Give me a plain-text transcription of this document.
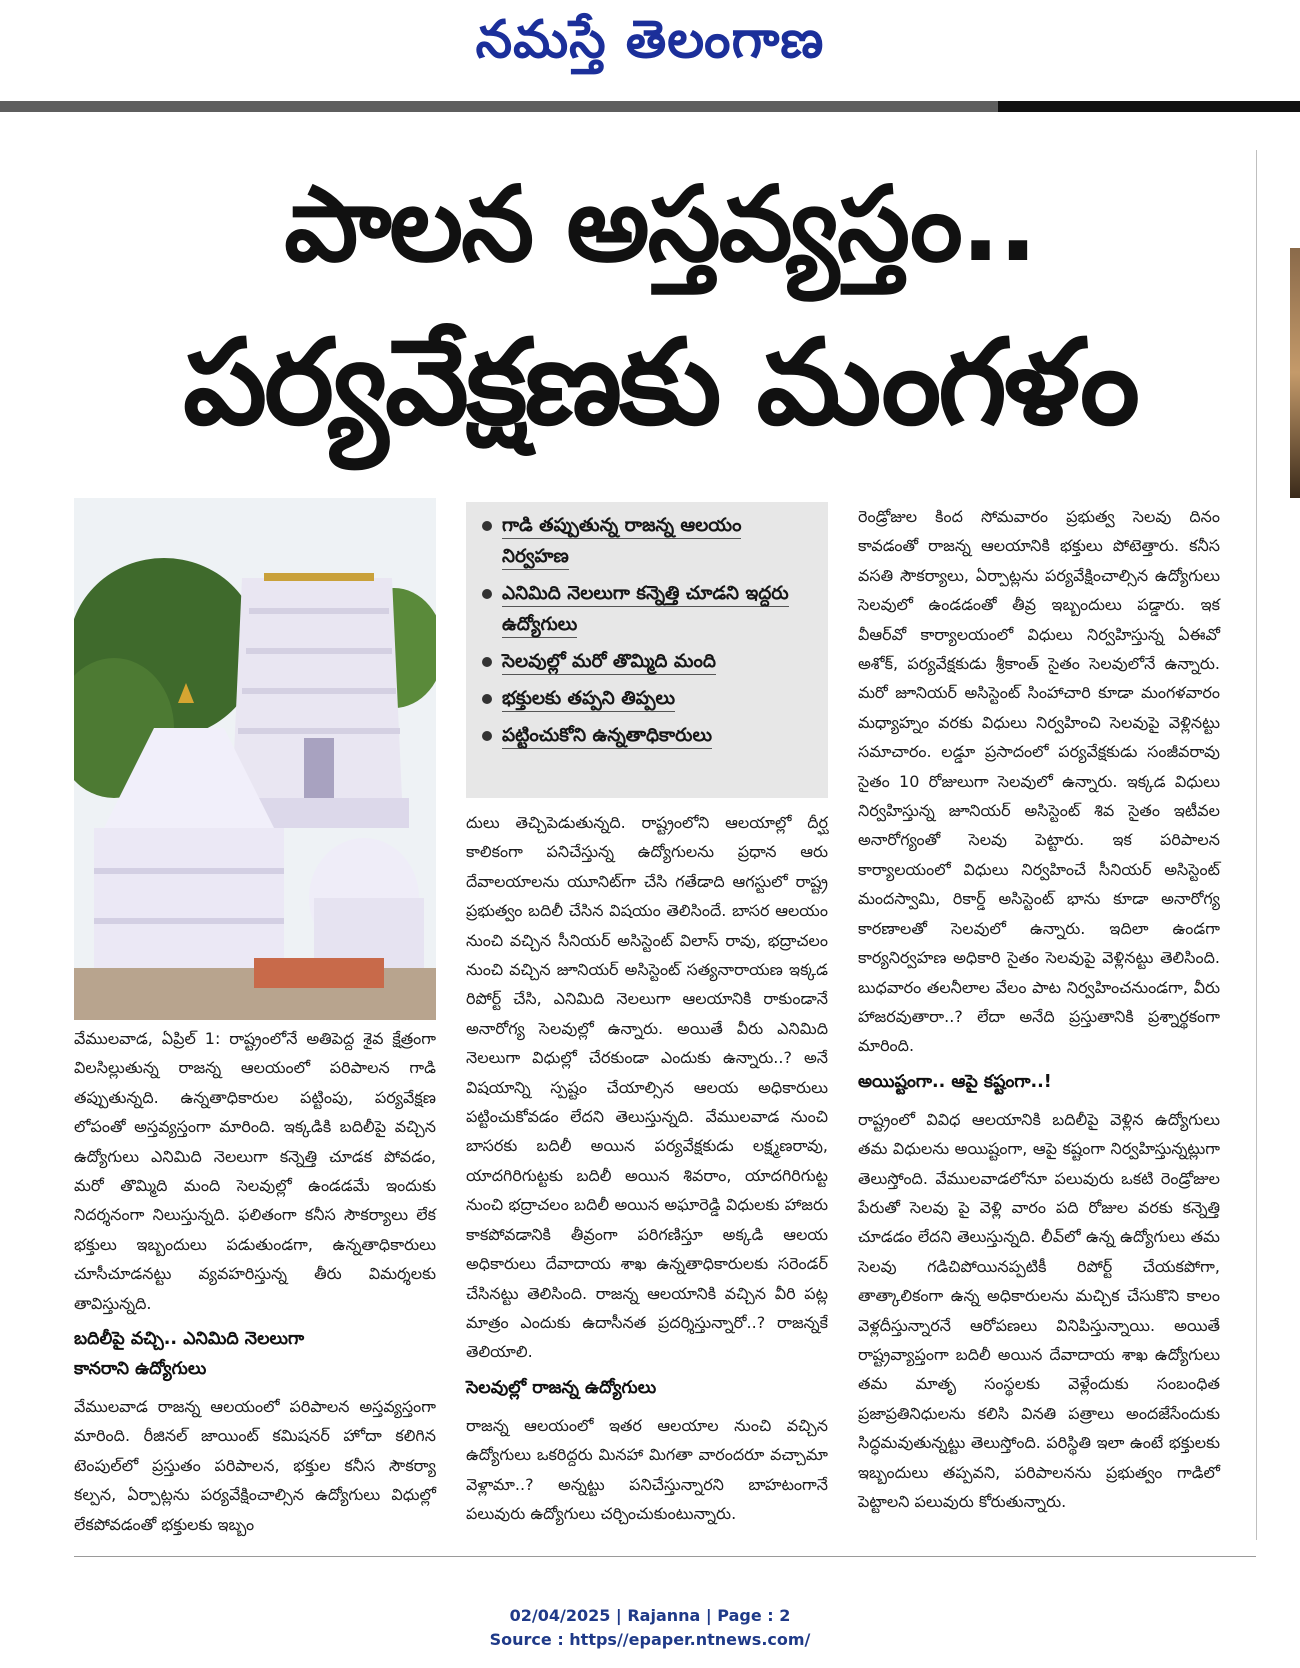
నమస్తే తెలంగాణ
పాలన అస్తవ్యస్తం..
పర్యవేక్షణకు మంగళం
గాడి తప్పుతున్న రాజన్న ఆలయం నిర్వహణ
ఎనిమిది నెలలుగా కన్నెత్తి చూడని ఇద్దరు ఉద్యోగులు
సెలవుల్లో మరో తొమ్మిది మంది
భక్తులకు తప్పని తిప్పలు
పట్టించుకోని ఉన్నతాధికారులు

వేములవాడ, ఏప్రిల్ 1: రాష్ట్రంలోనే అతిపెద్ద శైవ క్షేత్రంగా విలసిల్లుతున్న రాజన్న ఆలయంలో పరిపాలన గాడి తప్పుతున్నది. ఉన్నతాధికారుల పట్టింపు, పర్యవేక్షణ లోపంతో అస్తవ్యస్తంగా మారింది. ఇక్కడికి బదిలీపై వచ్చిన ఉద్యోగులు ఎనిమిది నెలలుగా కన్నెత్తి చూడక పోవడం, మరో తొమ్మిది మంది సెలవుల్లో ఉండడమే ఇందుకు నిదర్శనంగా నిలుస్తున్నది. ఫలితంగా కనీస సౌకర్యాలు లేక భక్తులు ఇబ్బందులు పడుతుండగా, ఉన్నతాధికారులు చూసీచూడనట్టు వ్యవహరిస్తున్న తీరు విమర్శలకు తావిస్తున్నది.

బదిలీపై వచ్చి.. ఎనిమిది నెలలుగా
కానరాని ఉద్యోగులు

వేములవాడ రాజన్న ఆలయంలో పరిపాలన అస్తవ్యస్తంగా మారింది. రీజినల్ జాయింట్ కమిషనర్ హోదా కలిగిన టెంపుల్‌లో ప్రస్తుతం పరిపాలన, భక్తుల కనీస సౌకర్యా కల్పన, ఏర్పాట్లను పర్యవేక్షించాల్సిన ఉద్యోగులు విధుల్లో లేకపోవడంతో భక్తులకు ఇబ్బం

దులు తెచ్చిపెడుతున్నది. రాష్ట్రంలోని ఆలయాల్లో దీర్ఘ కాలికంగా పనిచేస్తున్న ఉద్యోగులను ప్రధాన ఆరు దేవాలయాలను యూనిట్‌గా చేసి గతేడాది ఆగస్టులో రాష్ట్ర ప్రభుత్వం బదిలీ చేసిన విషయం తెలిసిందే. బాసర ఆలయం నుంచి వచ్చిన సీనియర్ అసిస్టెంట్ విలాస్ రావు, భద్రాచలం నుంచి వచ్చిన జూనియర్ అసిస్టెంట్ సత్యనారాయణ ఇక్కడ రిపోర్ట్ చేసి, ఎనిమిది నెలలుగా ఆలయానికి రాకుండానే అనారోగ్య సెలవుల్లో ఉన్నారు. అయితే వీరు ఎనిమిది నెలలుగా విధుల్లో చేరకుండా ఎందుకు ఉన్నారు..? అనే విషయాన్ని స్పష్టం చేయాల్సిన ఆలయ అధికారులు పట్టించుకోవడం లేదని తెలుస్తున్నది. వేములవాడ నుంచి బాసరకు బదిలీ అయిన పర్యవేక్షకుడు లక్ష్మణరావు, యాదగిరిగుట్టకు బదిలీ అయిన శివరాం, యాదగిరిగుట్ట నుంచి భద్రాచలం బదిలీ అయిన అఘారెడ్డి విధులకు హాజరు కాకపోవడానికి తీవ్రంగా పరిగణిస్తూ అక్కడి ఆలయ అధికారులు దేవాదాయ శాఖ ఉన్నతాధికారులకు సరెండర్ చేసినట్టు తెలిసింది. రాజన్న ఆలయానికి వచ్చిన వీరి పట్ల మాత్రం ఎందుకు ఉదాసీనత ప్రదర్శిస్తున్నారో..? రాజన్నకే తెలియాలి.

సెలవుల్లో రాజన్న ఉద్యోగులు

రాజన్న ఆలయంలో ఇతర ఆలయాల నుంచి వచ్చిన ఉద్యోగులు ఒకరిద్దరు మినహా మిగతా వారందరూ వచ్చామా వెళ్లామా..? అన్నట్టు పనిచేస్తున్నారని బాహటంగానే పలువురు ఉద్యోగులు చర్చించుకుంటున్నారు.

రెండ్రోజుల కింద సోమవారం ప్రభుత్వ సెలవు దినం కావడంతో రాజన్న ఆలయానికి భక్తులు పోటెత్తారు. కనీస వసతి సౌకర్యాలు, ఏర్పాట్లను పర్యవేక్షించాల్సిన ఉద్యోగులు సెలవులో ఉండడంతో తీవ్ర ఇబ్బందులు పడ్డారు. ఇక వీఆర్‌వో కార్యాలయంలో విధులు నిర్వహిస్తున్న ఏఈవో అశోక్, పర్యవేక్షకుడు శ్రీకాంత్ సైతం సెలవులోనే ఉన్నారు. మరో జూనియర్ అసిస్టెంట్ సింహాచారి కూడా మంగళవారం మధ్యాహ్నం వరకు విధులు నిర్వహించి సెలవుపై వెళ్లినట్టు సమాచారం. లడ్డూ ప్రసాదంలో పర్యవేక్షకుడు సంజీవరావు సైతం 10 రోజులుగా సెలవులో ఉన్నారు. ఇక్కడ విధులు నిర్వహిస్తున్న జూనియర్ అసిస్టెంట్ శివ సైతం ఇటీవల అనారోగ్యంతో సెలవు పెట్టారు. ఇక పరిపాలన కార్యాలయంలో విధులు నిర్వహించే సీనియర్ అసిస్టెంట్ మందస్వామి, రికార్డ్ అసిస్టెంట్ భాను కూడా అనారోగ్య కారణాలతో సెలవులో ఉన్నారు. ఇదిలా ఉండగా కార్యనిర్వహణ అధికారి సైతం సెలవుపై వెళ్లినట్టు తెలిసింది. బుధవారం తలనీలాల వేలం పాట నిర్వహించనుండగా, వీరు హాజరవుతారా..? లేదా అనేది ప్రస్తుతానికి ప్రశ్నార్థకంగా మారింది.

అయిష్టంగా.. ఆపై కష్టంగా..!

రాష్ట్రంలో వివిధ ఆలయానికి బదిలీపై వెళ్లిన ఉద్యోగులు తమ విధులను అయిష్టంగా, ఆపై కష్టంగా నిర్వహిస్తున్నట్లుగా తెలుస్తోంది. వేములవాడలోనూ పలువురు ఒకటి రెండ్రోజుల పేరుతో సెలవు పై వెళ్లి వారం పది రోజుల వరకు కన్నెత్తి చూడడం లేదని తెలుస్తున్నది. లీవ్‌లో ఉన్న ఉద్యోగులు తమ సెలవు గడిచిపోయినప్పటికీ రిపోర్ట్ చేయకపోగా, తాత్కాలికంగా ఉన్న అధికారులను మచ్చిక చేసుకొని కాలం వెళ్లదీస్తున్నారనే ఆరోపణలు వినిపిస్తున్నాయి. అయితే రాష్ట్రవ్యాప్తంగా బదిలీ అయిన దేవాదాయ శాఖ ఉద్యోగులు తమ మాతృ సంస్థలకు వెళ్లేందుకు సంబంధిత ప్రజాప్రతినిధులను కలిసి వినతి పత్రాలు అందజేసేందుకు సిద్ధమవుతున్నట్టు తెలుస్తోంది. పరిస్థితి ఇలా ఉంటే భక్తులకు ఇబ్బందులు తప్పవని, పరిపాలనను ప్రభుత్వం గాడిలో పెట్టాలని పలువురు కోరుతున్నారు.

02/04/2025 | Rajanna | Page : 2
Source : https//epaper.ntnews.com/
